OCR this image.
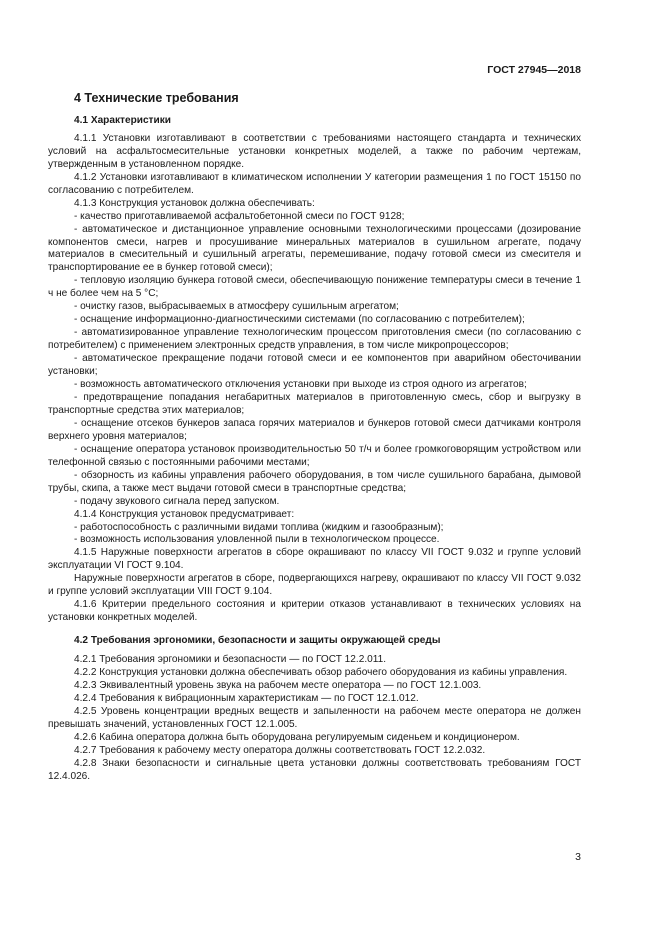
ГОСТ 27945—2018
4 Технические требования
4.1 Характеристики

4.1.1 Установки изготавливают в соответствии с требованиями настоящего стандарта и технических условий на асфальтосмесительные установки конкретных моделей, а также по рабочим чертежам, утвержденным в установленном порядке.

4.1.2 Установки изготавливают в климатическом исполнении У категории размещения 1 по ГОСТ 15150 по согласованию с потребителем.

4.1.3 Конструкция установок должна обеспечивать:

- качество приготавливаемой асфальтобетонной смеси по ГОСТ 9128;

- автоматическое и дистанционное управление основными технологическими процессами (дозирование компонентов смеси, нагрев и просушивание минеральных материалов в сушильном агрегате, подачу материалов в смесительный и сушильный агрегаты, перемешивание, подачу готовой смеси из смесителя и транспортирование ее в бункер готовой смеси);

- тепловую изоляцию бункера готовой смеси, обеспечивающую понижение температуры смеси в течение 1 ч не более чем на 5 °С;

- очистку газов, выбрасываемых в атмосферу сушильным агрегатом;

- оснащение информационно-диагностическими системами (по согласованию с потребителем);

- автоматизированное управление технологическим процессом приготовления смеси (по согласованию с потребителем) с применением электронных средств управления, в том числе микропроцессоров;

- автоматическое прекращение подачи готовой смеси и ее компонентов при аварийном обесточивании установки;

- возможность автоматического отключения установки при выходе из строя одного из агрегатов;

- предотвращение попадания негабаритных материалов в приготовленную смесь, сбор и выгрузку в транспортные средства этих материалов;

- оснащение отсеков бункеров запаса горячих материалов и бункеров готовой смеси датчиками контроля верхнего уровня материалов;

- оснащение оператора установок производительностью 50 т/ч и более громкоговорящим устройством или телефонной связью с постоянными рабочими местами;

- обзорность из кабины управления рабочего оборудования, в том числе сушильного барабана, дымовой трубы, скипа, а также мест выдачи готовой смеси в транспортные средства;

- подачу звукового сигнала перед запуском.

4.1.4 Конструкция установок предусматривает:

- работоспособность с различными видами топлива (жидким и газообразным);

- возможность использования уловленной пыли в технологическом процессе.

4.1.5 Наружные поверхности агрегатов в сборе окрашивают по классу VII ГОСТ 9.032 и группе условий эксплуатации VI ГОСТ 9.104.

Наружные поверхности агрегатов в сборе, подвергающихся нагреву, окрашивают по классу VII ГОСТ 9.032 и группе условий эксплуатации VIII ГОСТ 9.104.

4.1.6 Критерии предельного состояния и критерии отказов устанавливают в технических условиях на установки конкретных моделей.

4.2 Требования эргономики, безопасности и защиты окружающей среды

4.2.1 Требования эргономики и безопасности — по ГОСТ 12.2.011.

4.2.2 Конструкция установки должна обеспечивать обзор рабочего оборудования из кабины управления.

4.2.3 Эквивалентный уровень звука на рабочем месте оператора — по ГОСТ 12.1.003.

4.2.4 Требования к вибрационным характеристикам — по ГОСТ 12.1.012.

4.2.5 Уровень концентрации вредных веществ и запыленности на рабочем месте оператора не должен превышать значений, установленных ГОСТ 12.1.005.

4.2.6 Кабина оператора должна быть оборудована регулируемым сиденьем и кондиционером.

4.2.7 Требования к рабочему месту оператора должны соответствовать ГОСТ 12.2.032.

4.2.8 Знаки безопасности и сигнальные цвета установки должны соответствовать требованиям ГОСТ 12.4.026.

3
